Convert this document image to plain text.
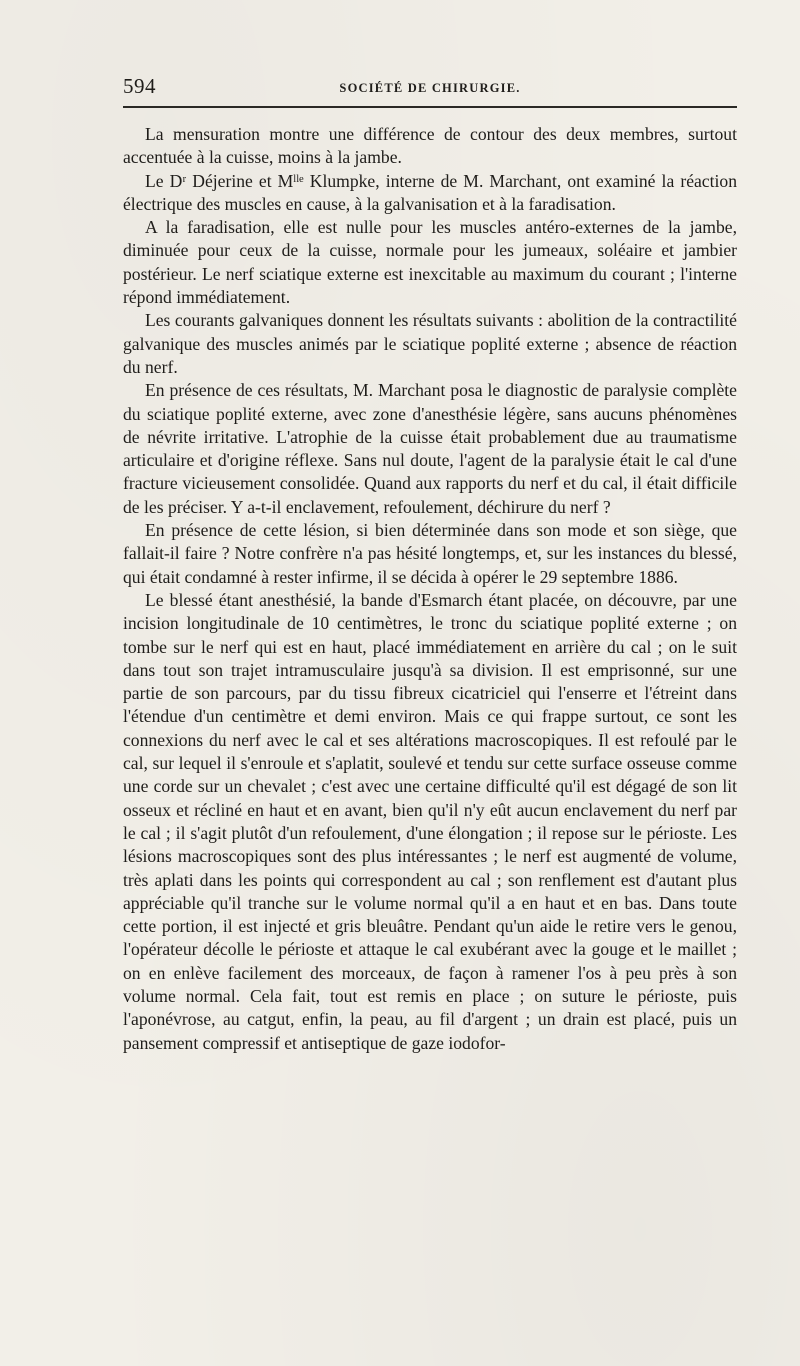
594	SOCIÉTÉ DE CHIRURGIE.

La mensuration montre une différence de contour des deux membres, surtout accentuée à la cuisse, moins à la jambe.

Le Dʳ Déjerine et Mˡˡᵉ Klumpke, interne de M. Marchant, ont examiné la réaction électrique des muscles en cause, à la galvanisation et à la faradisation.

A la faradisation, elle est nulle pour les muscles antéro-externes de la jambe, diminuée pour ceux de la cuisse, normale pour les jumeaux, soléaire et jambier postérieur. Le nerf sciatique externe est inexcitable au maximum du courant ; l'interne répond immédiatement.

Les courants galvaniques donnent les résultats suivants : abolition de la contractilité galvanique des muscles animés par le sciatique poplité externe ; absence de réaction du nerf.

En présence de ces résultats, M. Marchant posa le diagnostic de paralysie complète du sciatique poplité externe, avec zone d'anesthésie légère, sans aucuns phénomènes de névrite irritative. L'atrophie de la cuisse était probablement due au traumatisme articulaire et d'origine réflexe. Sans nul doute, l'agent de la paralysie était le cal d'une fracture vicieusement consolidée. Quand aux rapports du nerf et du cal, il était difficile de les préciser. Y a-t-il enclavement, refoulement, déchirure du nerf ?

En présence de cette lésion, si bien déterminée dans son mode et son siège, que fallait-il faire ? Notre confrère n'a pas hésité longtemps, et, sur les instances du blessé, qui était condamné à rester infirme, il se décida à opérer le 29 septembre 1886.

Le blessé étant anesthésié, la bande d'Esmarch étant placée, on découvre, par une incision longitudinale de 10 centimètres, le tronc du sciatique poplité externe ; on tombe sur le nerf qui est en haut, placé immédiatement en arrière du cal ; on le suit dans tout son trajet intramusculaire jusqu'à sa division. Il est emprisonné, sur une partie de son parcours, par du tissu fibreux cicatriciel qui l'enserre et l'étreint dans l'étendue d'un centimètre et demi environ. Mais ce qui frappe surtout, ce sont les connexions du nerf avec le cal et ses altérations macroscopiques. Il est refoulé par le cal, sur lequel il s'enroule et s'aplatit, soulevé et tendu sur cette surface osseuse comme une corde sur un chevalet ; c'est avec une certaine difficulté qu'il est dégagé de son lit osseux et récliné en haut et en avant, bien qu'il n'y eût aucun enclavement du nerf par le cal ; il s'agit plutôt d'un refoulement, d'une élongation ; il repose sur le périoste. Les lésions macroscopiques sont des plus intéressantes ; le nerf est augmenté de volume, très aplati dans les points qui correspondent au cal ; son renflement est d'autant plus appréciable qu'il tranche sur le volume normal qu'il a en haut et en bas. Dans toute cette portion, il est injecté et gris bleuâtre. Pendant qu'un aide le retire vers le genou, l'opérateur décolle le périoste et attaque le cal exubérant avec la gouge et le maillet ; on en enlève facilement des morceaux, de façon à ramener l'os à peu près à son volume normal. Cela fait, tout est remis en place ; on suture le périoste, puis l'aponévrose, au catgut, enfin, la peau, au fil d'argent ; un drain est placé, puis un pansement compressif et antiseptique de gaze iodofor-
